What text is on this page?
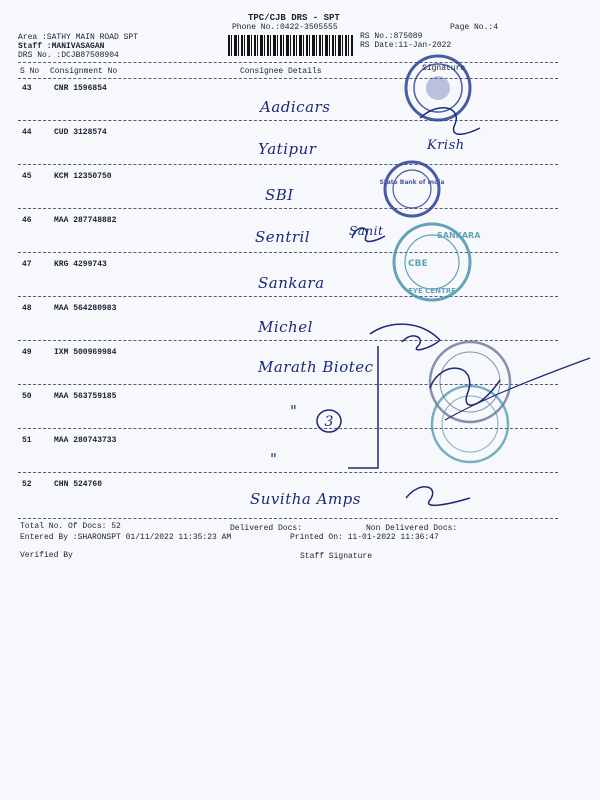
TPC/CJB DRS - SPT
Phone No.:0422-3505555	Page No.:4
Area :SATHY MAIN ROAD SPT
Staff :MANIVASAGAN
DRS No. :DCJB87508904
RS No.:875089
RS Date:11-Jan-2022
S No Consignment No	Consignee Details	Signature
43	CNR 1596854
Aadicars
44	CUD 3128574
Yatipur
45	KCM 12350750
SBI
46	MAA 287748882
Sentril
47	KRG 4299743
Sankara
48	MAA 564280983
Michel
49	IXM 500969984
Marath Biotec
50	MAA 563759185
"
51	MAA 280743733
"
52	CHN 524760
Suvitha Amps
State Bank of India
SANKARA
EYE CENTRE
CBE
3
Krish
Sanit
Total No. Of Docs: 52	Delivered Docs:	Non Delivered Docs:
Entered By :SHARONSPT 01/11/2022 11:35:23 AM	Printed On: 11-01-2022 11:36:47
Verified By	Staff Signature
